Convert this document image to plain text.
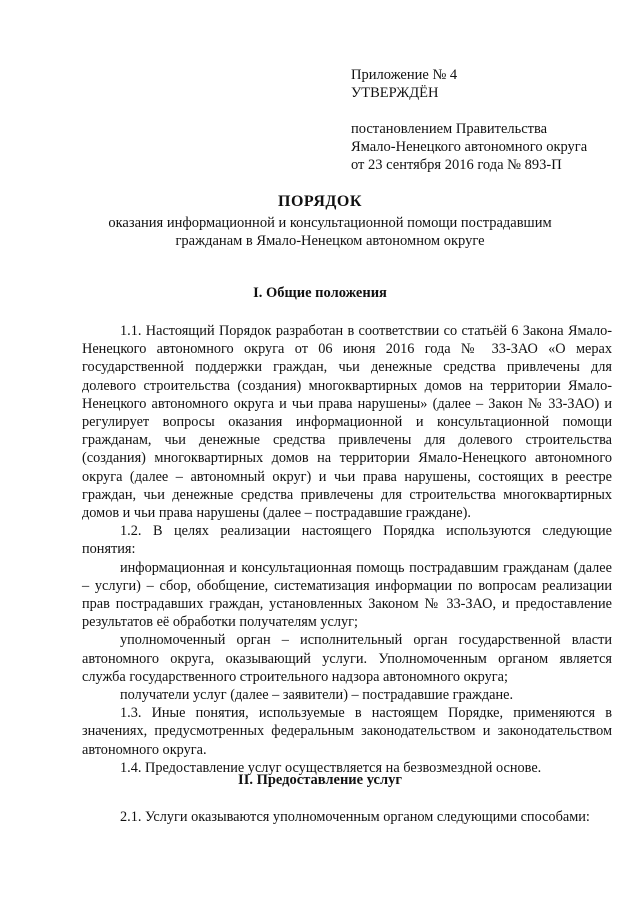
Приложение № 4
УТВЕРЖДЁН
постановлением Правительства
Ямало-Ненецкого автономного округа
от 23 сентября 2016 года № 893-П
ПОРЯДОК
оказания информационной и консультационной помощи пострадавшим гражданам в Ямало-Ненецком автономном округе
I. Общие положения

1.1. Настоящий Порядок разработан в соответствии со статьёй 6 Закона Ямало-Ненецкого автономного округа от 06 июня 2016 года № 33-ЗАО «О мерах государственной поддержки граждан, чьи денежные средства привлечены для долевого строительства (создания) многоквартирных домов на территории Ямало-Ненецкого автономного округа и чьи права нарушены» (далее – Закон № 33-ЗАО) и регулирует вопросы оказания информационной и консультационной помощи гражданам, чьи денежные средства привлечены для долевого строительства (создания) многоквартирных домов на территории Ямало-Ненецкого автономного округа (далее – автономный округ) и чьи права нарушены, состоящих в реестре граждан, чьи денежные средства привлечены для строительства многоквартирных домов и чьи права нарушены (далее – пострадавшие граждане).

1.2. В целях реализации настоящего Порядка используются следующие понятия:

информационная и консультационная помощь пострадавшим гражданам (далее – услуги) – сбор, обобщение, систематизация информации по вопросам реализации прав пострадавших граждан, установленных Законом № 33-ЗАО, и предоставление результатов её обработки получателям услуг;

уполномоченный орган – исполнительный орган государственной власти автономного округа, оказывающий услуги. Уполномоченным органом является служба государственного строительного надзора автономного округа;

получатели услуг (далее – заявители) – пострадавшие граждане.

1.3. Иные понятия, используемые в настоящем Порядке, применяются в значениях, предусмотренных федеральным законодательством и законодательством автономного округа.

1.4. Предоставление услуг осуществляется на безвозмездной основе.

II. Предоставление услуг

2.1. Услуги оказываются уполномоченным органом следующими способами:
